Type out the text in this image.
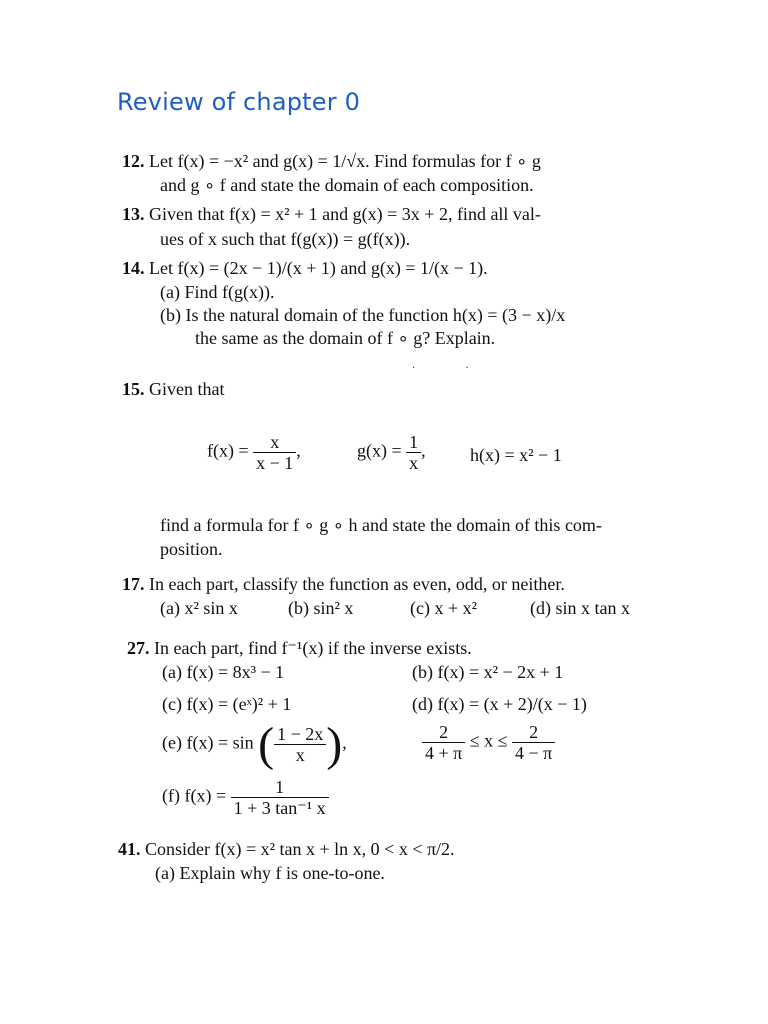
Review of chapter 0
12. Let f(x) = −x² and g(x) = 1/√x. Find formulas for f ∘ g
and g ∘ f and state the domain of each composition.
13. Given that f(x) = x² + 1 and g(x) = 3x + 2, find all val-
ues of x such that f(g(x)) = g(f(x)).
14. Let f(x) = (2x − 1)/(x + 1) and g(x) = 1/(x − 1).
(a) Find f(g(x)).
(b) Is the natural domain of the function h(x) = (3 − x)/x
the same as the domain of f ∘ g? Explain.
·                    ·
15. Given that
$f(x) = \frac{x}{x - 1}$ ,	$g(x) = \frac{1}{x}$ , h(x) = x² − 1
find a formula for f ∘ g ∘ h and state the domain of this com-
position.
17. In each part, classify the function as even, odd, or neither.
(a) x² sin x	(b) sin² x	(c) x + x²	(d) sin x tan x
27. In each part, find f⁻¹(x) if the inverse exists.
(a) f(x) = 8x³ − 1	(b) f(x) = x² − 2x + 1
(c) f(x) = (eˣ)² + 1	(d) f(x) = (x + 2)/(x − 1)
(e) f(x) = sin ( $\frac{1 - 2x}{x}$ ),	$\frac{2}{4 + \pi} \le x \le \frac{2}{4 - \pi}$
(f) $f(x) = \frac{1}{\text{1 + 3 tan⁻¹ x}}$
41. Consider f(x) = x² tan x + ln x, 0 < x < π/2.
(a) Explain why f is one-to-one.
